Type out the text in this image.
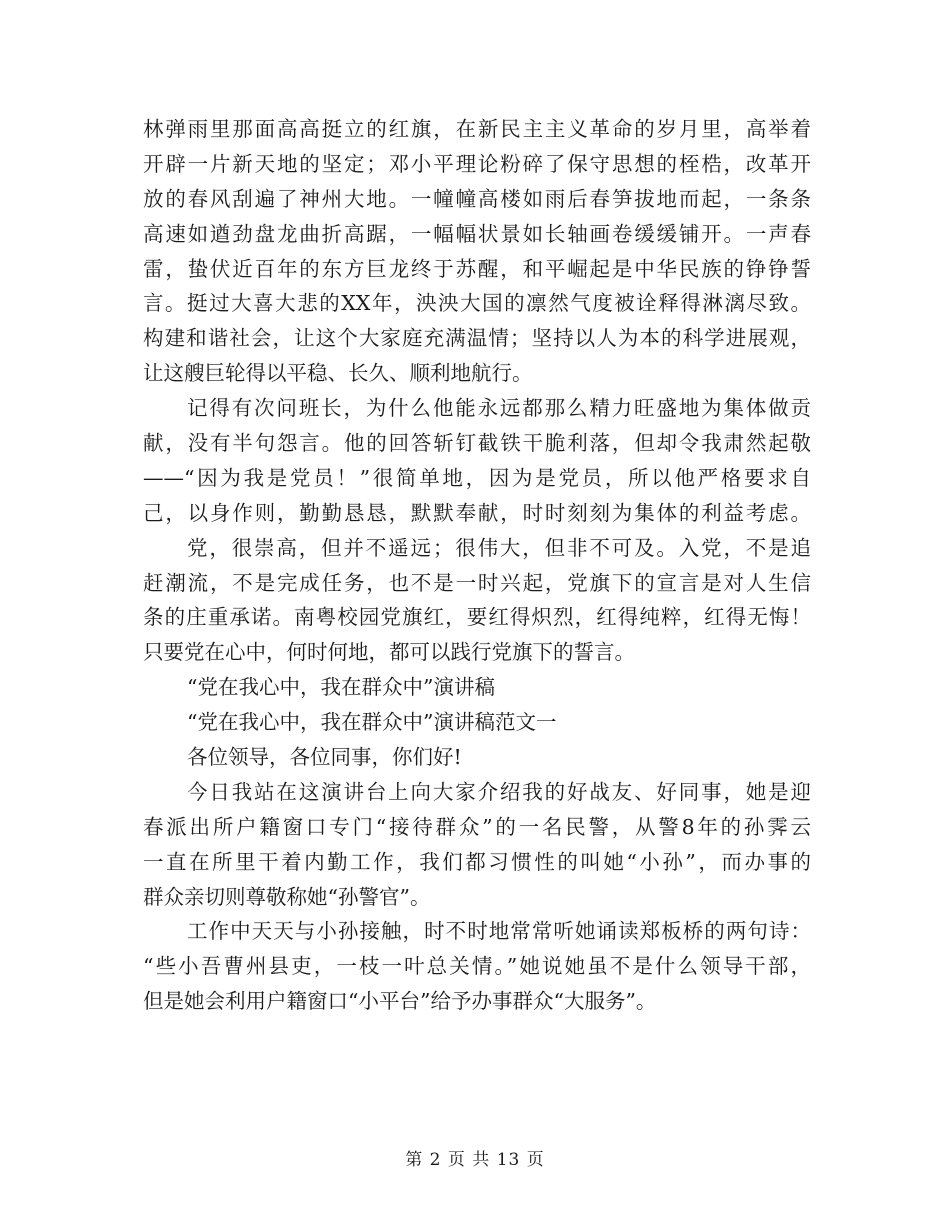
林弹雨里那面高高挺立的红旗，在新民主主义革命的岁月里，高举着
开辟一片新天地的坚定；邓小平理论粉碎了保守思想的桎梏，改革开
放的春风刮遍了神州大地。一幢幢高楼如雨后春笋拔地而起，一条条
高速如遒劲盘龙曲折高踞，一幅幅状景如长轴画卷缓缓铺开。一声春
雷，蛰伏近百年的东方巨龙终于苏醒，和平崛起是中华民族的铮铮誓
言。挺过大喜大悲的XX年，泱泱大国的凛然气度被诠释得淋漓尽致。
构建和谐社会，让这个大家庭充满温情；坚持以人为本的科学进展观，
让这艘巨轮得以平稳、长久、顺利地航行。
记得有次问班长，为什么他能永远都那么精力旺盛地为集体做贡
献，没有半句怨言。他的回答斩钉截铁干脆利落，但却令我肃然起敬
——“因为我是党员！”很简单地，因为是党员，所以他严格要求自
己，以身作则，勤勤恳恳，默默奉献，时时刻刻为集体的利益考虑。
党，很崇高，但并不遥远；很伟大，但非不可及。入党，不是追
赶潮流，不是完成任务，也不是一时兴起，党旗下的宣言是对人生信
条的庄重承诺。南粤校园党旗红，要红得炽烈，红得纯粹，红得无悔！
只要党在心中，何时何地，都可以践行党旗下的誓言。
“党在我心中，我在群众中”演讲稿
“党在我心中，我在群众中”演讲稿范文一
各位领导，各位同事，你们好!
今日我站在这演讲台上向大家介绍我的好战友、好同事，她是迎
春派出所户籍窗口专门“接待群众”的一名民警，从警8年的孙霁云
一直在所里干着内勤工作，我们都习惯性的叫她“小孙”，而办事的
群众亲切则尊敬称她“孙警官”。
工作中天天与小孙接触，时不时地常常听她诵读郑板桥的两句诗：
“些小吾曹州县吏，一枝一叶总关情。”她说她虽不是什么领导干部，
但是她会利用户籍窗口“小平台”给予办事群众“大服务”。
第 2 页 共 13 页
